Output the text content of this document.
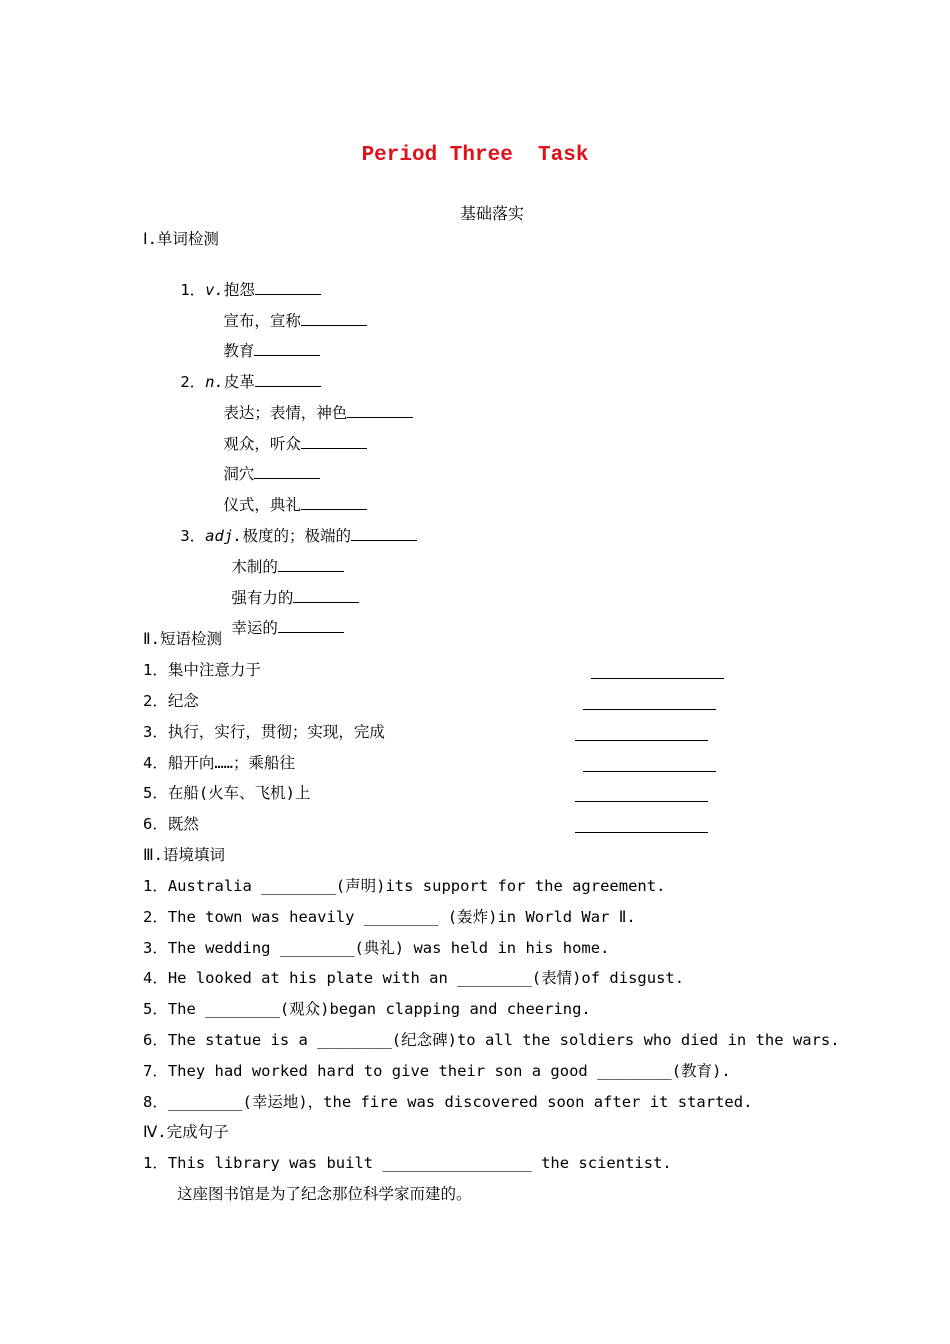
Period Three  Task
基础落实
Ⅰ.单词检测

1．v.抱怨

宣布，宣称

教育

2．n.皮革

表达；表情，神色

观众，听众

洞穴

仪式，典礼

3．adj.极度的；极端的

木制的

强有力的

幸运的

Ⅱ.短语检测
1．集中注意力于
2．纪念
3．执行，实行，贯彻；实现，完成
4．船开向……；乘船往
5．在船(火车、飞机)上
6．既然
Ⅲ.语境填词
1．Australia ________(声明)its support for the agreement.
2．The town was heavily ________ (轰炸)in World War Ⅱ.
3．The wedding ________(典礼) was held in his home.
4．He looked at his plate with an ________(表情)of disgust.
5．The ________(观众)began clapping and cheering.
6．The statue is a ________(纪念碑)to all the soldiers who died in the wars.
7．They had worked hard to give their son a good ________(教育).
8．________(幸运地)，the fire was discovered soon after it started.
Ⅳ.完成句子
1．This library was built ________________ the scientist.
这座图书馆是为了纪念那位科学家而建的。
